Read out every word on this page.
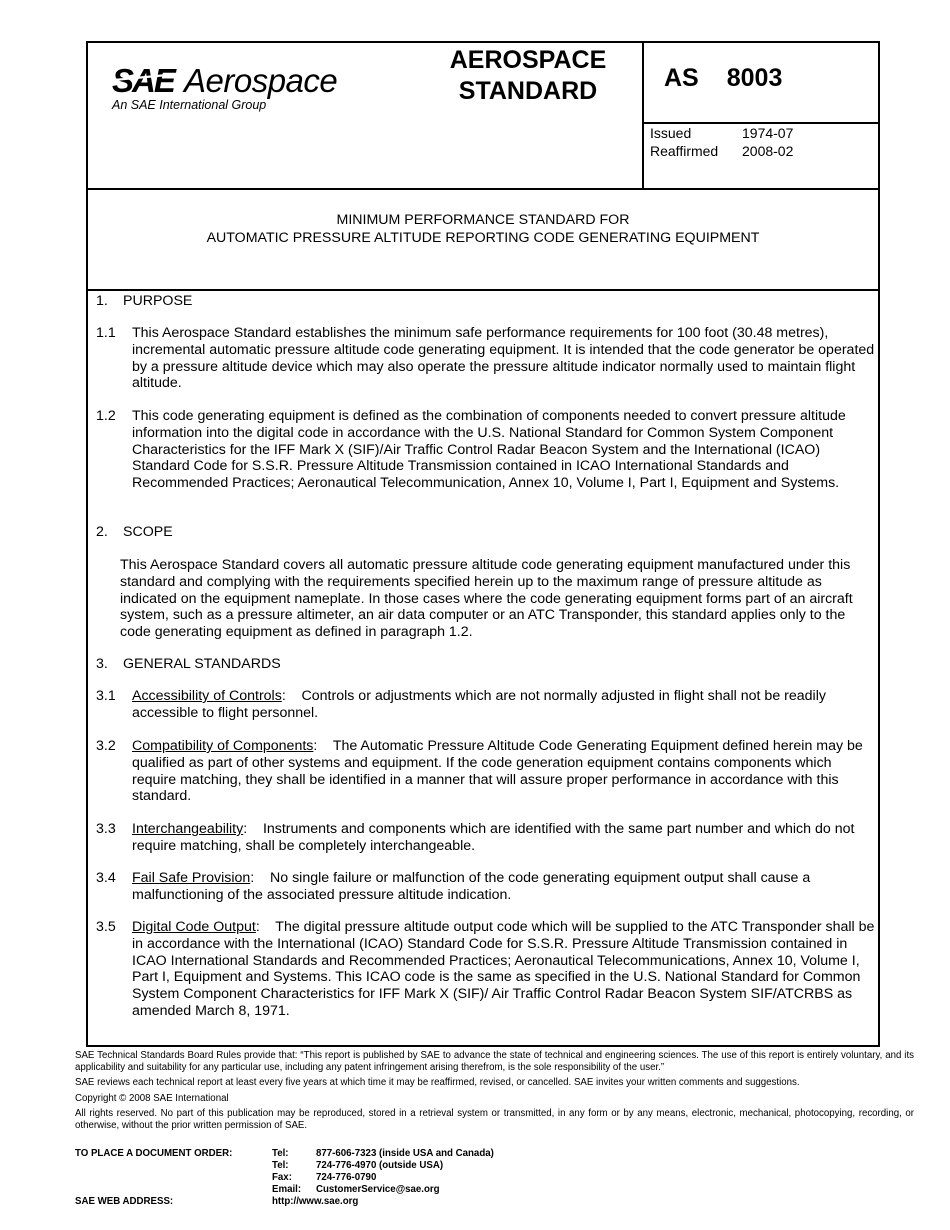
SAE Aerospace
An SAE International Group
AEROSPACE
STANDARD	AS 8003
Issued	1974-07
Reaffirmed 2008-02
MINIMUM PERFORMANCE STANDARD FOR
AUTOMATIC PRESSURE ALTITUDE REPORTING CODE GENERATING EQUIPMENT
1. PURPOSE
1.1 This Aerospace Standard establishes the minimum safe performance requirements for 100 foot (30.48 metres), incremental automatic pressure altitude code generating equipment. It is intended that the code generator be operated by a pressure altitude device which may also operate the pressure altitude indicator normally used to maintain flight altitude.
1.2 This code generating equipment is defined as the combination of components needed to convert pressure altitude information into the digital code in accordance with the U.S. National Standard for Common System Component Characteristics for the IFF Mark X (SIF)/Air Traffic Control Radar Beacon System and the International (ICAO) Standard Code for S.S.R. Pressure Altitude Transmission contained in ICAO International Standards and Recommended Practices; Aeronautical Telecommunication, Annex 10, Volume I, Part I, Equipment and Systems.
2. SCOPE
This Aerospace Standard covers all automatic pressure altitude code generating equipment manufactured under this standard and complying with the requirements specified herein up to the maximum range of pressure altitude as indicated on the equipment nameplate. In those cases where the code generating equipment forms part of an aircraft system, such as a pressure altimeter, an air data computer or an ATC Transponder, this standard applies only to the code generating equipment as defined in paragraph 1.2.
3. GENERAL STANDARDS
3.1 Accessibility of Controls:    Controls or adjustments which are not normally adjusted in flight shall not be readily accessible to flight personnel.
3.2 Compatibility of Components:    The Automatic Pressure Altitude Code Generating Equipment defined herein may be qualified as part of other systems and equipment. If the code generation equipment contains components which require matching, they shall be identified in a manner that will assure proper performance in accordance with this standard.
3.3 Interchangeability:    Instruments and components which are identified with the same part number and which do not require matching, shall be completely interchangeable.
3.4 Fail Safe Provision:    No single failure or malfunction of the code generating equipment output shall cause a malfunctioning of the associated pressure altitude indication.
3.5 Digital Code Output:    The digital pressure altitude output code which will be supplied to the ATC Transponder shall be in accordance with the International (ICAO) Standard Code for S.S.R. Pressure Altitude Transmission contained in ICAO International Standards and Recommended Practices; Aeronautical Telecommunications, Annex 10, Volume I, Part I, Equipment and Systems. This ICAO code is the same as specified in the U.S. National Standard for Common System Component Characteristics for IFF Mark X (SIF)/ Air Traffic Control Radar Beacon System SIF/ATCRBS as amended March 8, 1971.

SAE Technical Standards Board Rules provide that: “This report is published by SAE to advance the state of technical and engineering sciences. The use of this report is entirely voluntary, and its applicability and suitability for any particular use, including any patent infringement arising therefrom, is the sole responsibility of the user.”

SAE reviews each technical report at least every five years at which time it may be reaffirmed, revised, or cancelled. SAE invites your written comments and suggestions.

Copyright © 2008 SAE International

All rights reserved. No part of this publication may be reproduced, stored in a retrieval system or transmitted, in any form or by any means, electronic, mechanical, photocopying, recording, or otherwise, without the prior written permission of SAE.

TO PLACE A DOCUMENT ORDER:	Tel:	877-606-7323 (inside USA and Canada)
Tel:	724-776-4970 (outside USA)
Fax: 724-776-0790
Email: CustomerService@sae.org
SAE WEB ADDRESS:	http://www.sae.org
